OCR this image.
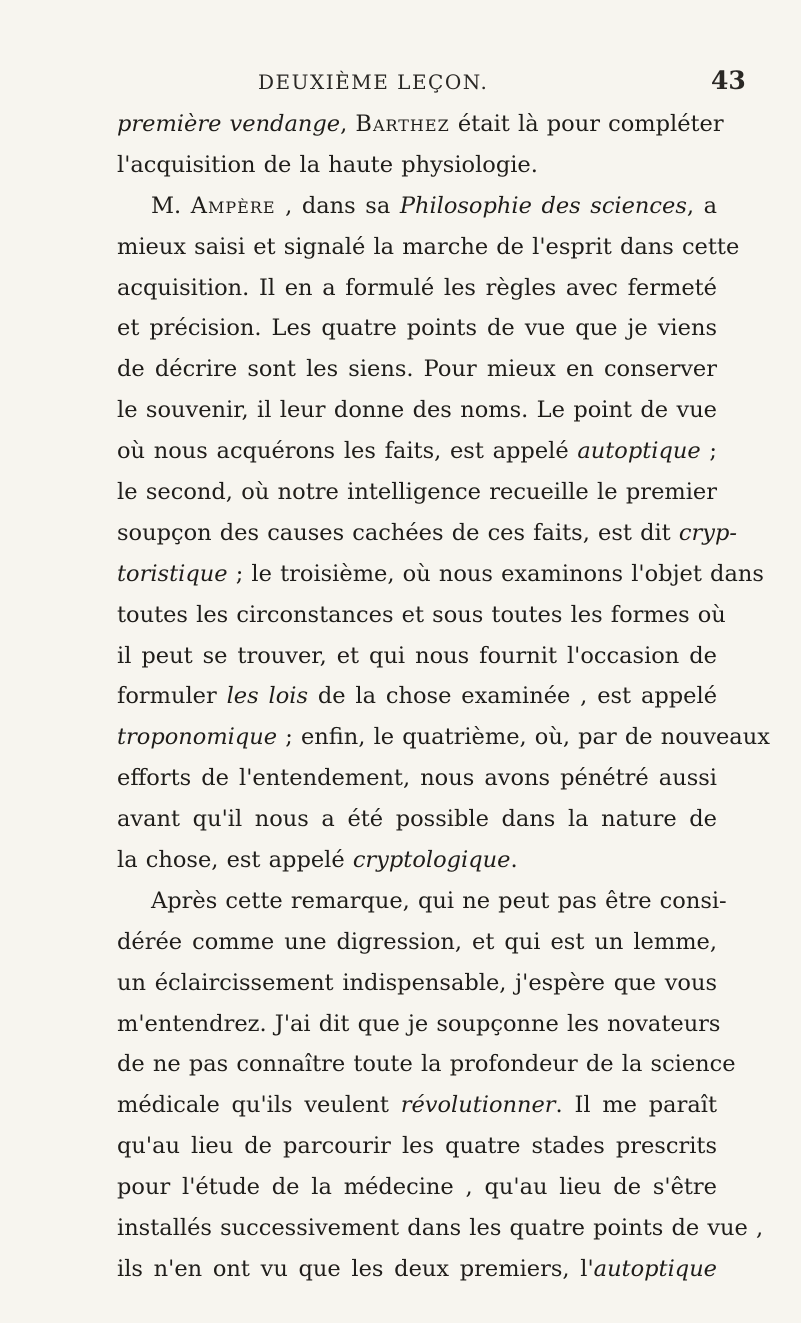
DEUXIÈME LEÇON.	43
première vendange, Barthez était là pour compléter
l'acquisition de la haute physiologie.
M. Ampère , dans sa Philosophie des sciences, a
mieux saisi et signalé la marche de l'esprit dans cette
acquisition. Il en a formulé les règles avec fermeté
et précision. Les quatre points de vue que je viens
de décrire sont les siens. Pour mieux en conserver
le souvenir, il leur donne des noms. Le point de vue
où nous acquérons les faits, est appelé autoptique ;
le second, où notre intelligence recueille le premier
soupçon des causes cachées de ces faits, est dit cryp-
toristique ; le troisième, où nous examinons l'objet dans
toutes les circonstances et sous toutes les formes où
il peut se trouver, et qui nous fournit l'occasion de
formuler les lois de la chose examinée , est appelé
troponomique ; enfin, le quatrième, où, par de nouveaux
efforts de l'entendement, nous avons pénétré aussi
avant qu'il nous a été possible dans la nature de
la chose, est appelé cryptologique.
Après cette remarque, qui ne peut pas être consi-
dérée comme une digression, et qui est un lemme,
un éclaircissement indispensable, j'espère que vous
m'entendrez. J'ai dit que je soupçonne les novateurs
de ne pas connaître toute la profondeur de la science
médicale qu'ils veulent révolutionner. Il me paraît
qu'au lieu de parcourir les quatre stades prescrits
pour l'étude de la médecine , qu'au lieu de s'être
installés successivement dans les quatre points de vue ,
ils n'en ont vu que les deux premiers, l'autoptique
